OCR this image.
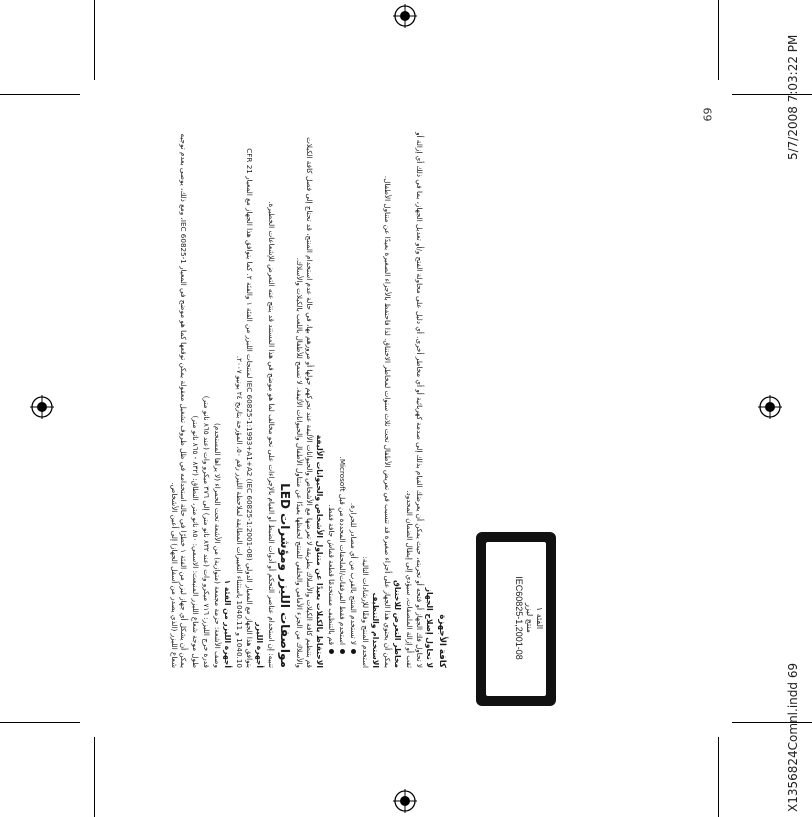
X1356824Comnl.indd 69
5/7/2008 7:03:22 PM
69
كافة الأجهزة
لا تحاول إصلاح الجهاز
لا تحاول فك الجهاز أو فتحه أو تجربته، حيث يمكن أن يعرضك القيام بذلك إلى صدمة كهربائية أو أي مخاطر أخرى. أي دليل على محاولة الفتح و/أو تعديل الجهاز، بما في ذلك أي إزالة أو ثقب أو إزالة الملصقات، سيؤدي إلى إبطال الضمان المحدود.
مخاطر التعرض للاختناق
يمكن أن يحتوي هذا الجهاز على أجزاء صغيرة قد تتسبب في تعريض الأطفال تحت ثلاث سنوات لمخاطر الاختناق. لذا فاحتفظ بالأجزاء الصغيرة بعيدًا عن متناول الأطفال.
الاستخدام والتنظيف
استخدم المنتج وفقًا للإرشادات التالية:
لا تستخدم المنتج بالقرب من أي مصادر للحرارة.
استخدم فقط المرفقات/الملحقات المحددة من قبل Microsoft.
قم بالتنظيف مستخدمًا قطعة قماش جافة فقط.
الاحتفاظ بالكبلات بعيدًا عن متناول الأشخاص والحيوانات الأليفة
قم بتنظيم كافة الكبلات والأسلاك بطريقة لا تعرضها مع الأشخاص والحيوانات الأليفة عند تحركهم حولها أو مرورهم بها، في حالة عدم استخدام المنتج، قد تحتاج إلى فصل كافة الكبلات والأسلاك من الجزء الأمامي والخلفي للمنتج لحفظها بعيدًا عن متناول الأطفال والحيوانات الأليفة. لا تسمح للأطفال باللعب بالكبلات والأسلاك.
مواصفات الليزر ومؤشرات LED
تنبيه: إن استخدام عناصر التحكم أو أدوات الضبط أو القيام بالإجراءات على نحو مخالف لما هو موضح في هذا المستند قد ينتج عنه التعرض للإشعاعات الخطيرة.
أجهزة الليزر
يتوافق هذا الجهاز مع المعيار الدولي (IEC 60825-1:1993+A1+A2 (IEC 60825-1:2001-08 لمنتجات الليزر من الفئة ١ والفئة ٢. كما يتوافق هذا الجهاز مع المعيار 21 CFR 1040.10 و 1040.11 باستثناء التغييرات المطابقة لملاحظة الليزر رقم ٥٠، المؤرخة بتاريخ ٢٤ يونيو ٢٠٠٧.
أجهزة الليزر من الفئة ١
وصف الأشعة: حزمة مجمعة (متوازية) من الأشعة تحت الحمراء (لا يراها المستخدم)
قدرة خرج الليزر: ٧١٦ ميكرو وات (عند ٨٣٢ نانو متر) إلى ٣٧٦ ميكرو وات (عند ٨٦٥ نانو متر)
طول موجة شعاع الليزر المنبعث: الاسمي: ٨٥٠ نانو متر، النطاق: (٨٣٢ - ٨٦٥ نانو متر)
يمكن أن يشكل أي جهاز ليزر من الفئة ١ خطرًا في حالة استخدامه في ظل ظروف تشغيل معقولة يمكن توقعها كما هو موضح في المعيار IEC 60825-1، ومع ذلك، يوصى بعدم توجيه شعاع الليزر (الذي يصدر من أسفل الجهاز) إلى أعين الأشخاص.	الفئة ١
منتج ليزر
IEC60825-1,2001-08
